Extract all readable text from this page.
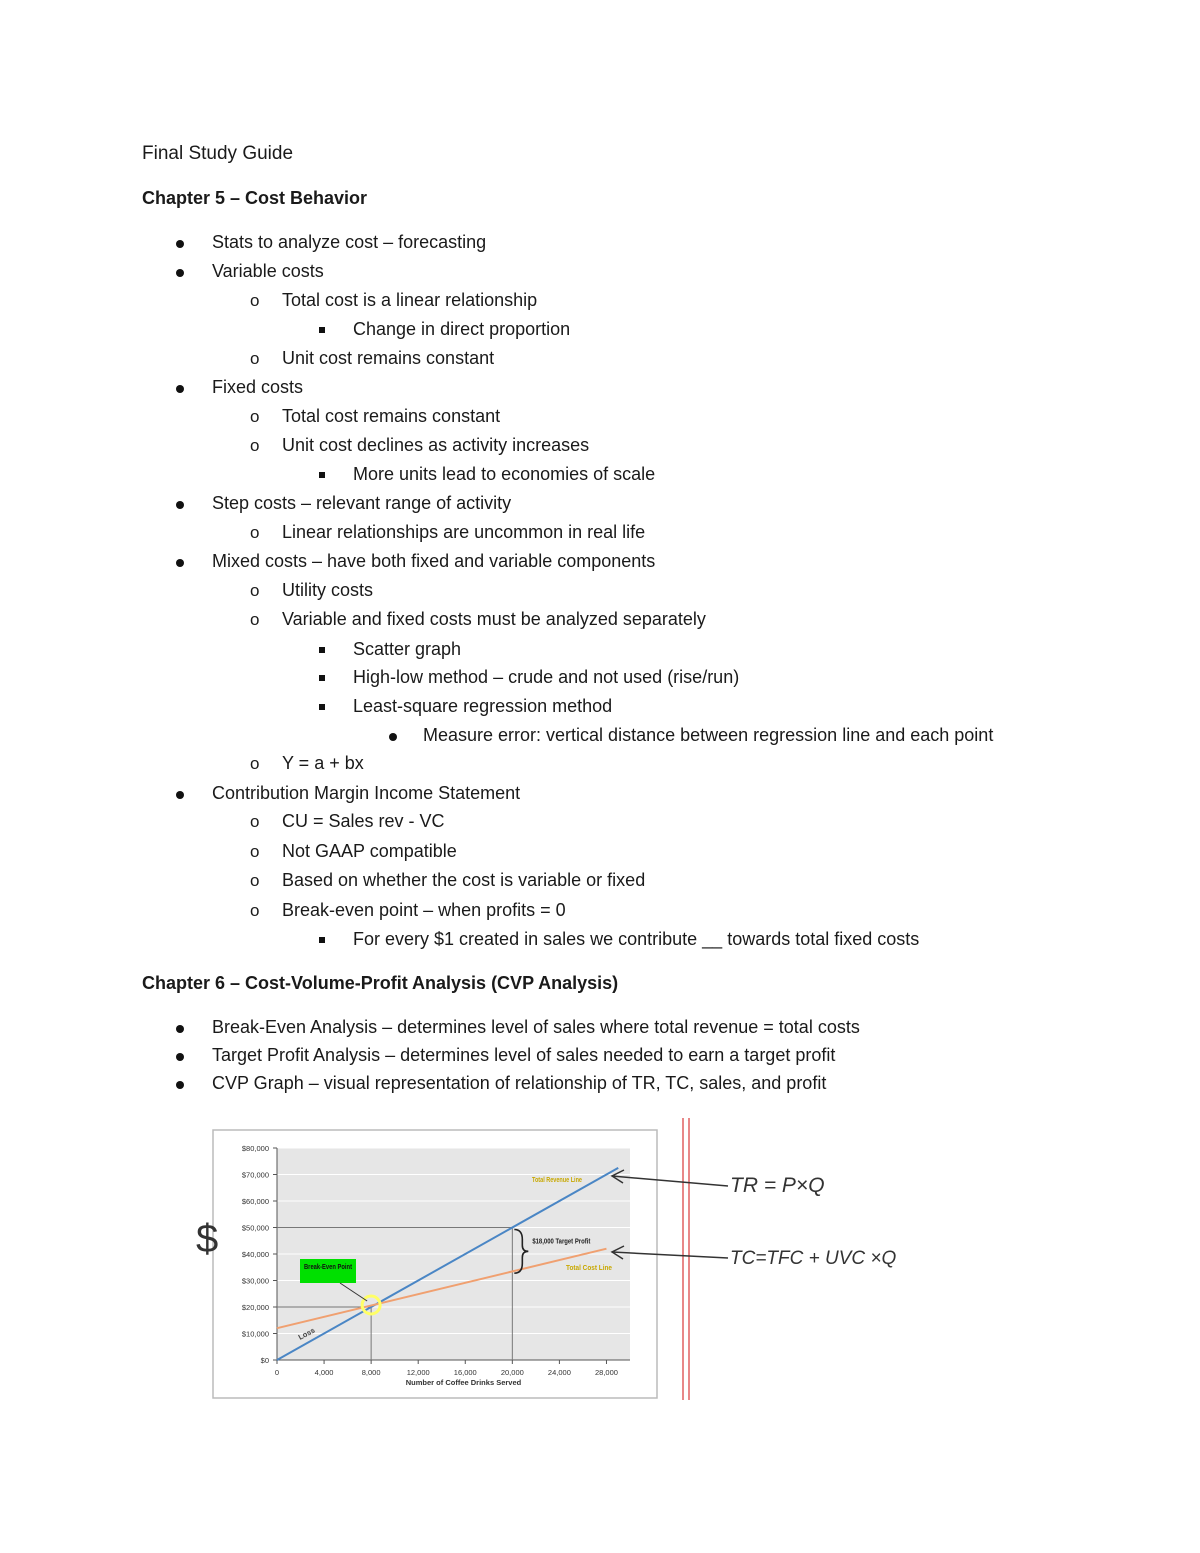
Final Study Guide
Chapter 5 – Cost Behavior
Stats to analyze cost – forecasting
Variable costs
o Total cost is a linear relationship
Change in direct proportion
o Unit cost remains constant
Fixed costs
o Total cost remains constant
o Unit cost declines as activity increases
More units lead to economies of scale
Step costs – relevant range of activity
o Linear relationships are uncommon in real life
Mixed costs – have both fixed and variable components
o Utility costs
o Variable and fixed costs must be analyzed separately
Scatter graph
High-low method – crude and not used (rise/run)
Least-square regression method
Measure error: vertical distance between regression line and each point
o Y = a + bx
Contribution Margin Income Statement
o CU = Sales rev - VC
o Not GAAP compatible
o Based on whether the cost is variable or fixed
o Break-even point – when profits = 0
For every $1 created in sales we contribute __ towards total fixed costs
Chapter 6 – Cost-Volume-Profit Analysis (CVP Analysis)
Break-Even Analysis – determines level of sales where total revenue = total costs
Target Profit Analysis – determines level of sales needed to earn a target profit
CVP Graph – visual representation of relationship of TR, TC, sales, and profit
$0
$10,000
$20,000
$30,000
$40,000
$50,000
$60,000
$70,000
$80,000
0	4,000	8,000	12,000	16,000	20,000	24,000	28,000
Number of Coffee Drinks Served
Break-Even Point
Loss
$18,000 Target Profit
Total Revenue Line
Total Cost Line
$
TR = P×Q
TC=TFC + UVC ×Q
